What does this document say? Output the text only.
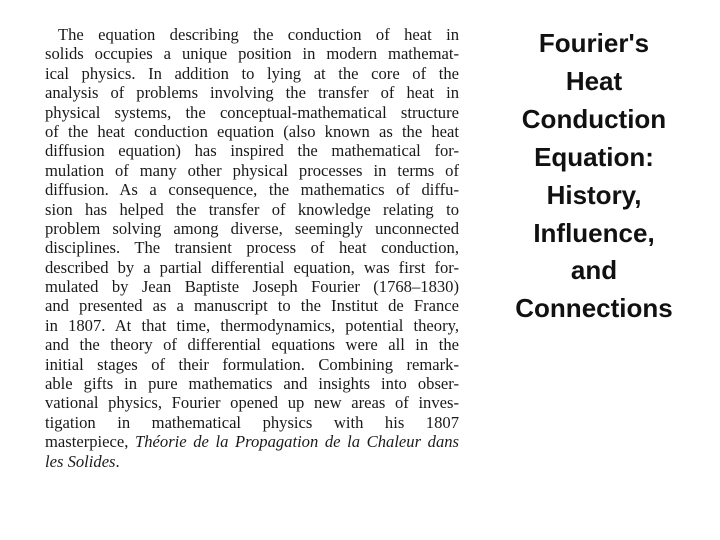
The equation describing the conduction of heat in
solids occupies a unique position in modern mathemat-
ical physics. In addition to lying at the core of the
analysis of problems involving the transfer of heat in
physical systems, the conceptual-mathematical structure
of the heat conduction equation (also known as the heat
diffusion equation) has inspired the mathematical for-
mulation of many other physical processes in terms of
diffusion. As a consequence, the mathematics of diffu-
sion has helped the transfer of knowledge relating to
problem solving among diverse, seemingly unconnected
disciplines. The transient process of heat conduction,
described by a partial differential equation, was first for-
mulated by Jean Baptiste Joseph Fourier (1768–1830)
and presented as a manuscript to the Institut de France
in 1807. At that time, thermodynamics, potential theory,
and the theory of differential equations were all in the
initial stages of their formulation. Combining remark-
able gifts in pure mathematics and insights into obser-
vational physics, Fourier opened up new areas of inves-
tigation in mathematical physics with his 1807
masterpiece, Théorie de la Propagation de la Chaleur dans
les Solides.
Fourier's
Heat
Conduction
Equation:
History,
Influence,
and
Connections
